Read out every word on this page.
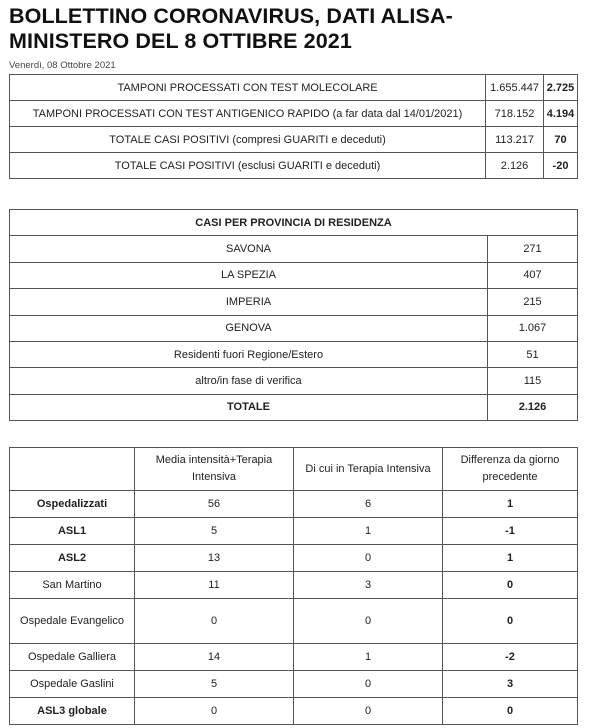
BOLLETTINO CORONAVIRUS, DATI ALISA-MINISTERO DEL 8 OTTIBRE 2021
Venerdì, 08 Ottobre 2021
TAMPONI PROCESSATI CON TEST MOLECOLARE	1.655.447	2.725
TAMPONI PROCESSATI CON TEST ANTIGENICO RAPIDO (a far data dal 14/01/2021)	718.152	4.194
TOTALE CASI POSITIVI (compresi GUARITI e deceduti)	113.217	70
TOTALE CASI POSITIVI (esclusi GUARITI e deceduti)	2.126	-20
CASI PER PROVINCIA DI RESIDENZA	
SAVONA	271
LA SPEZIA	407
IMPERIA	215
GENOVA	1.067
Residenti fuori Regione/Estero	51
altro/in fase di verifica	115
TOTALE	2.126
	Media intensità+Terapia Intensiva	Di cui in Terapia Intensiva	Differenza da giorno precedente
Ospedalizzati	56	6	1
ASL1	5	1	-1
ASL2	13	0	1
San Martino	11	3	0
Ospedale Evangelico	0	0	0
Ospedale Galliera	14	1	-2
Ospedale Gaslini	5	0	3
ASL3 globale	0	0	0
